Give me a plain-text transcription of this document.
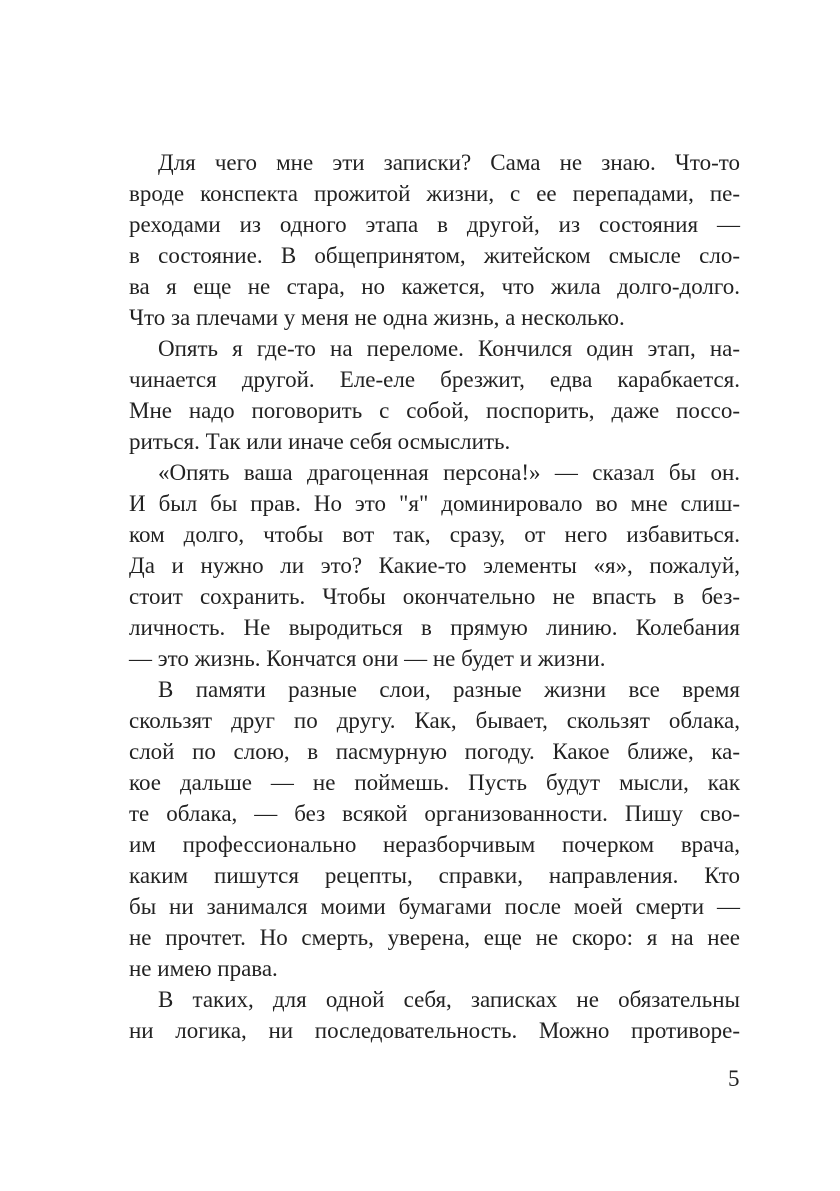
Для чего мне эти записки? Сама не знаю. Что-то
вроде конспекта прожитой жизни, с ее перепадами, пе-
реходами из одного этапа в другой, из состояния —
в состояние. В общепринятом, житейском смысле сло-
ва я еще не стара, но кажется, что жила долго-долго.
Что за плечами у меня не одна жизнь, а несколько.
Опять я где-то на переломе. Кончился один этап, на-
чинается другой. Еле-еле брезжит, едва карабкается.
Мне надо поговорить с собой, поспорить, даже поссо-
риться. Так или иначе себя осмыслить.
«Опять ваша драгоценная персона!» — сказал бы он.
И был бы прав. Но это "я" доминировало во мне слиш-
ком долго, чтобы вот так, сразу, от него избавиться.
Да и нужно ли это? Какие-то элементы «я», пожалуй,
стоит сохранить. Чтобы окончательно не впасть в без-
личность. Не выродиться в прямую линию. Колебания
— это жизнь. Кончатся они — не будет и жизни.
В памяти разные слои, разные жизни все время
скользят друг по другу. Как, бывает, скользят облака,
слой по слою, в пасмурную погоду. Какое ближе, ка-
кое дальше — не поймешь. Пусть будут мысли, как
те облака, — без всякой организованности. Пишу сво-
им профессионально неразборчивым почерком врача,
каким пишутся рецепты, справки, направления. Кто
бы ни занимался моими бумагами после моей смерти —
не прочтет. Но смерть, уверена, еще не скоро: я на нее
не имею права.
В таких, для одной себя, записках не обязательны
ни логика, ни последовательность. Можно противоре-
5
